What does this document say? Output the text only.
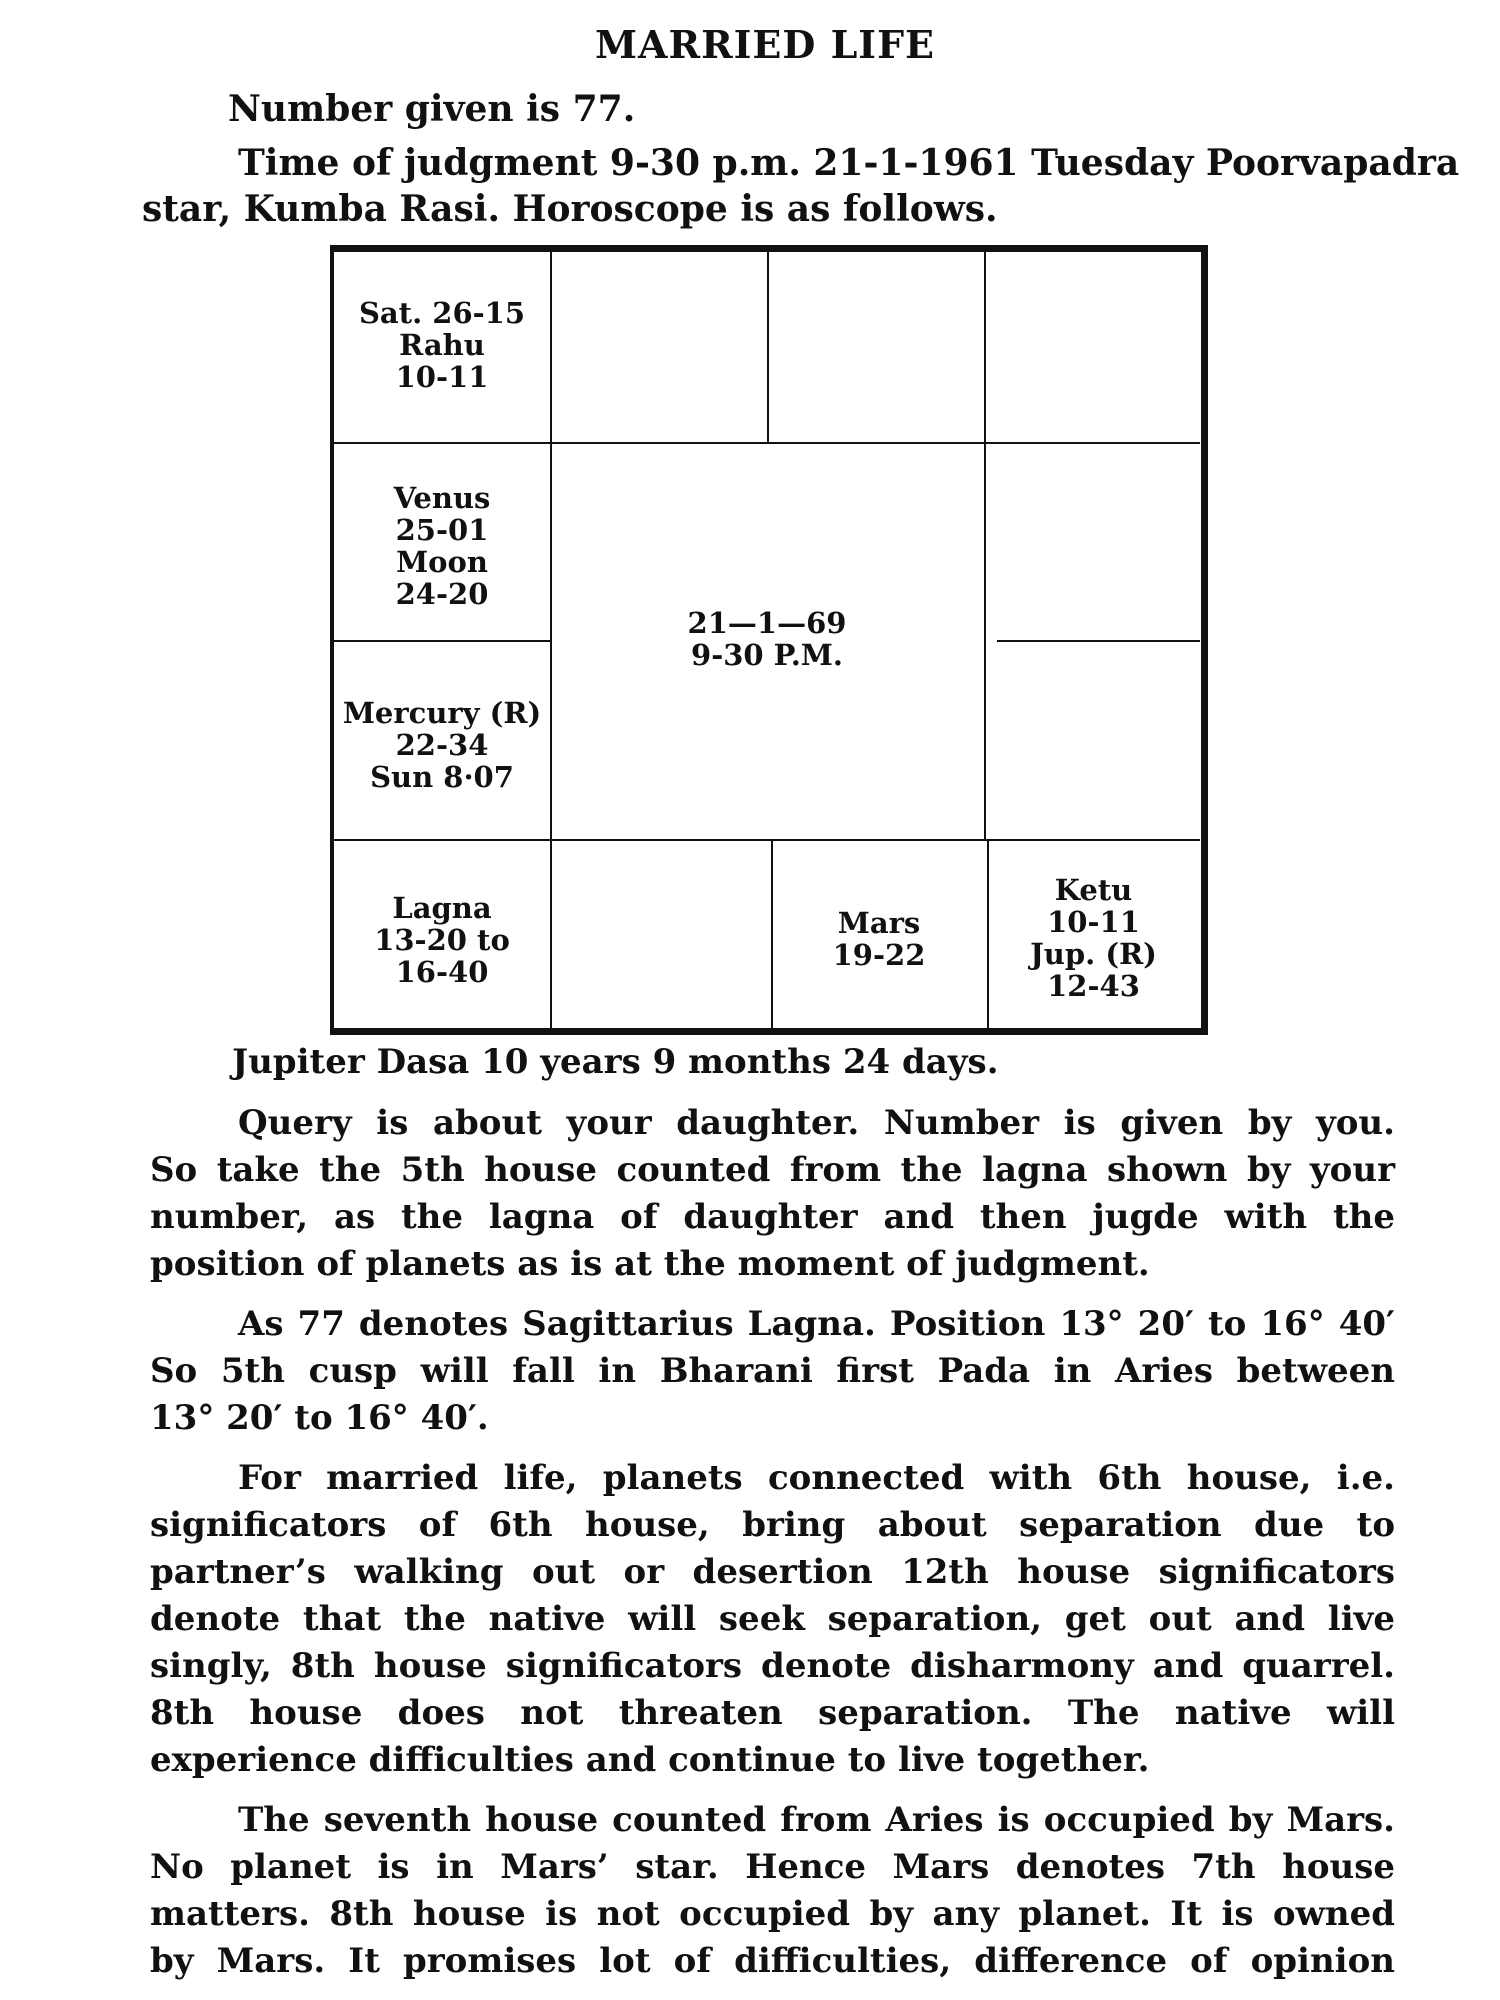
MARRIED LIFE
Number given is 77.
Time of judgment 9-30 p.m. 21-1-1961 Tuesday Poorvapadra
star, Kumba Rasi. Horoscope is as follows.
Sat. 26-15
Rahu
10-11
Venus
25-01
Moon
24-20
Mercury (R)
22-34
Sun 8·07
21—1—69
9-30 P.M.
Lagna
13-20 to
16-40
Mars
19-22
Ketu
10-11
Jup. (R)
12-43
Jupiter Dasa 10 years 9 months 24 days.
Query is about your daughter. Number is given by you.
So take the 5th house counted from the lagna shown by your
number, as the lagna of daughter and then jugde with the
position of planets as is at the moment of judgment.
As 77 denotes Sagittarius Lagna. Position 13° 20′ to 16° 40′
So 5th cusp will fall in Bharani first Pada in Aries between
13° 20′ to 16° 40′.
For married life, planets connected with 6th house, i.e.
significators of 6th house, bring about separation due to
partner’s walking out or desertion 12th house significators
denote that the native will seek separation, get out and live
singly, 8th house significators denote disharmony and quarrel.
8th house does not threaten separation. The native will
experience difficulties and continue to live together.
The seventh house counted from Aries is occupied by Mars.
No planet is in Mars’ star. Hence Mars denotes 7th house
matters. 8th house is not occupied by any planet. It is owned
by Mars. It promises lot of difficulties, difference of opinion
